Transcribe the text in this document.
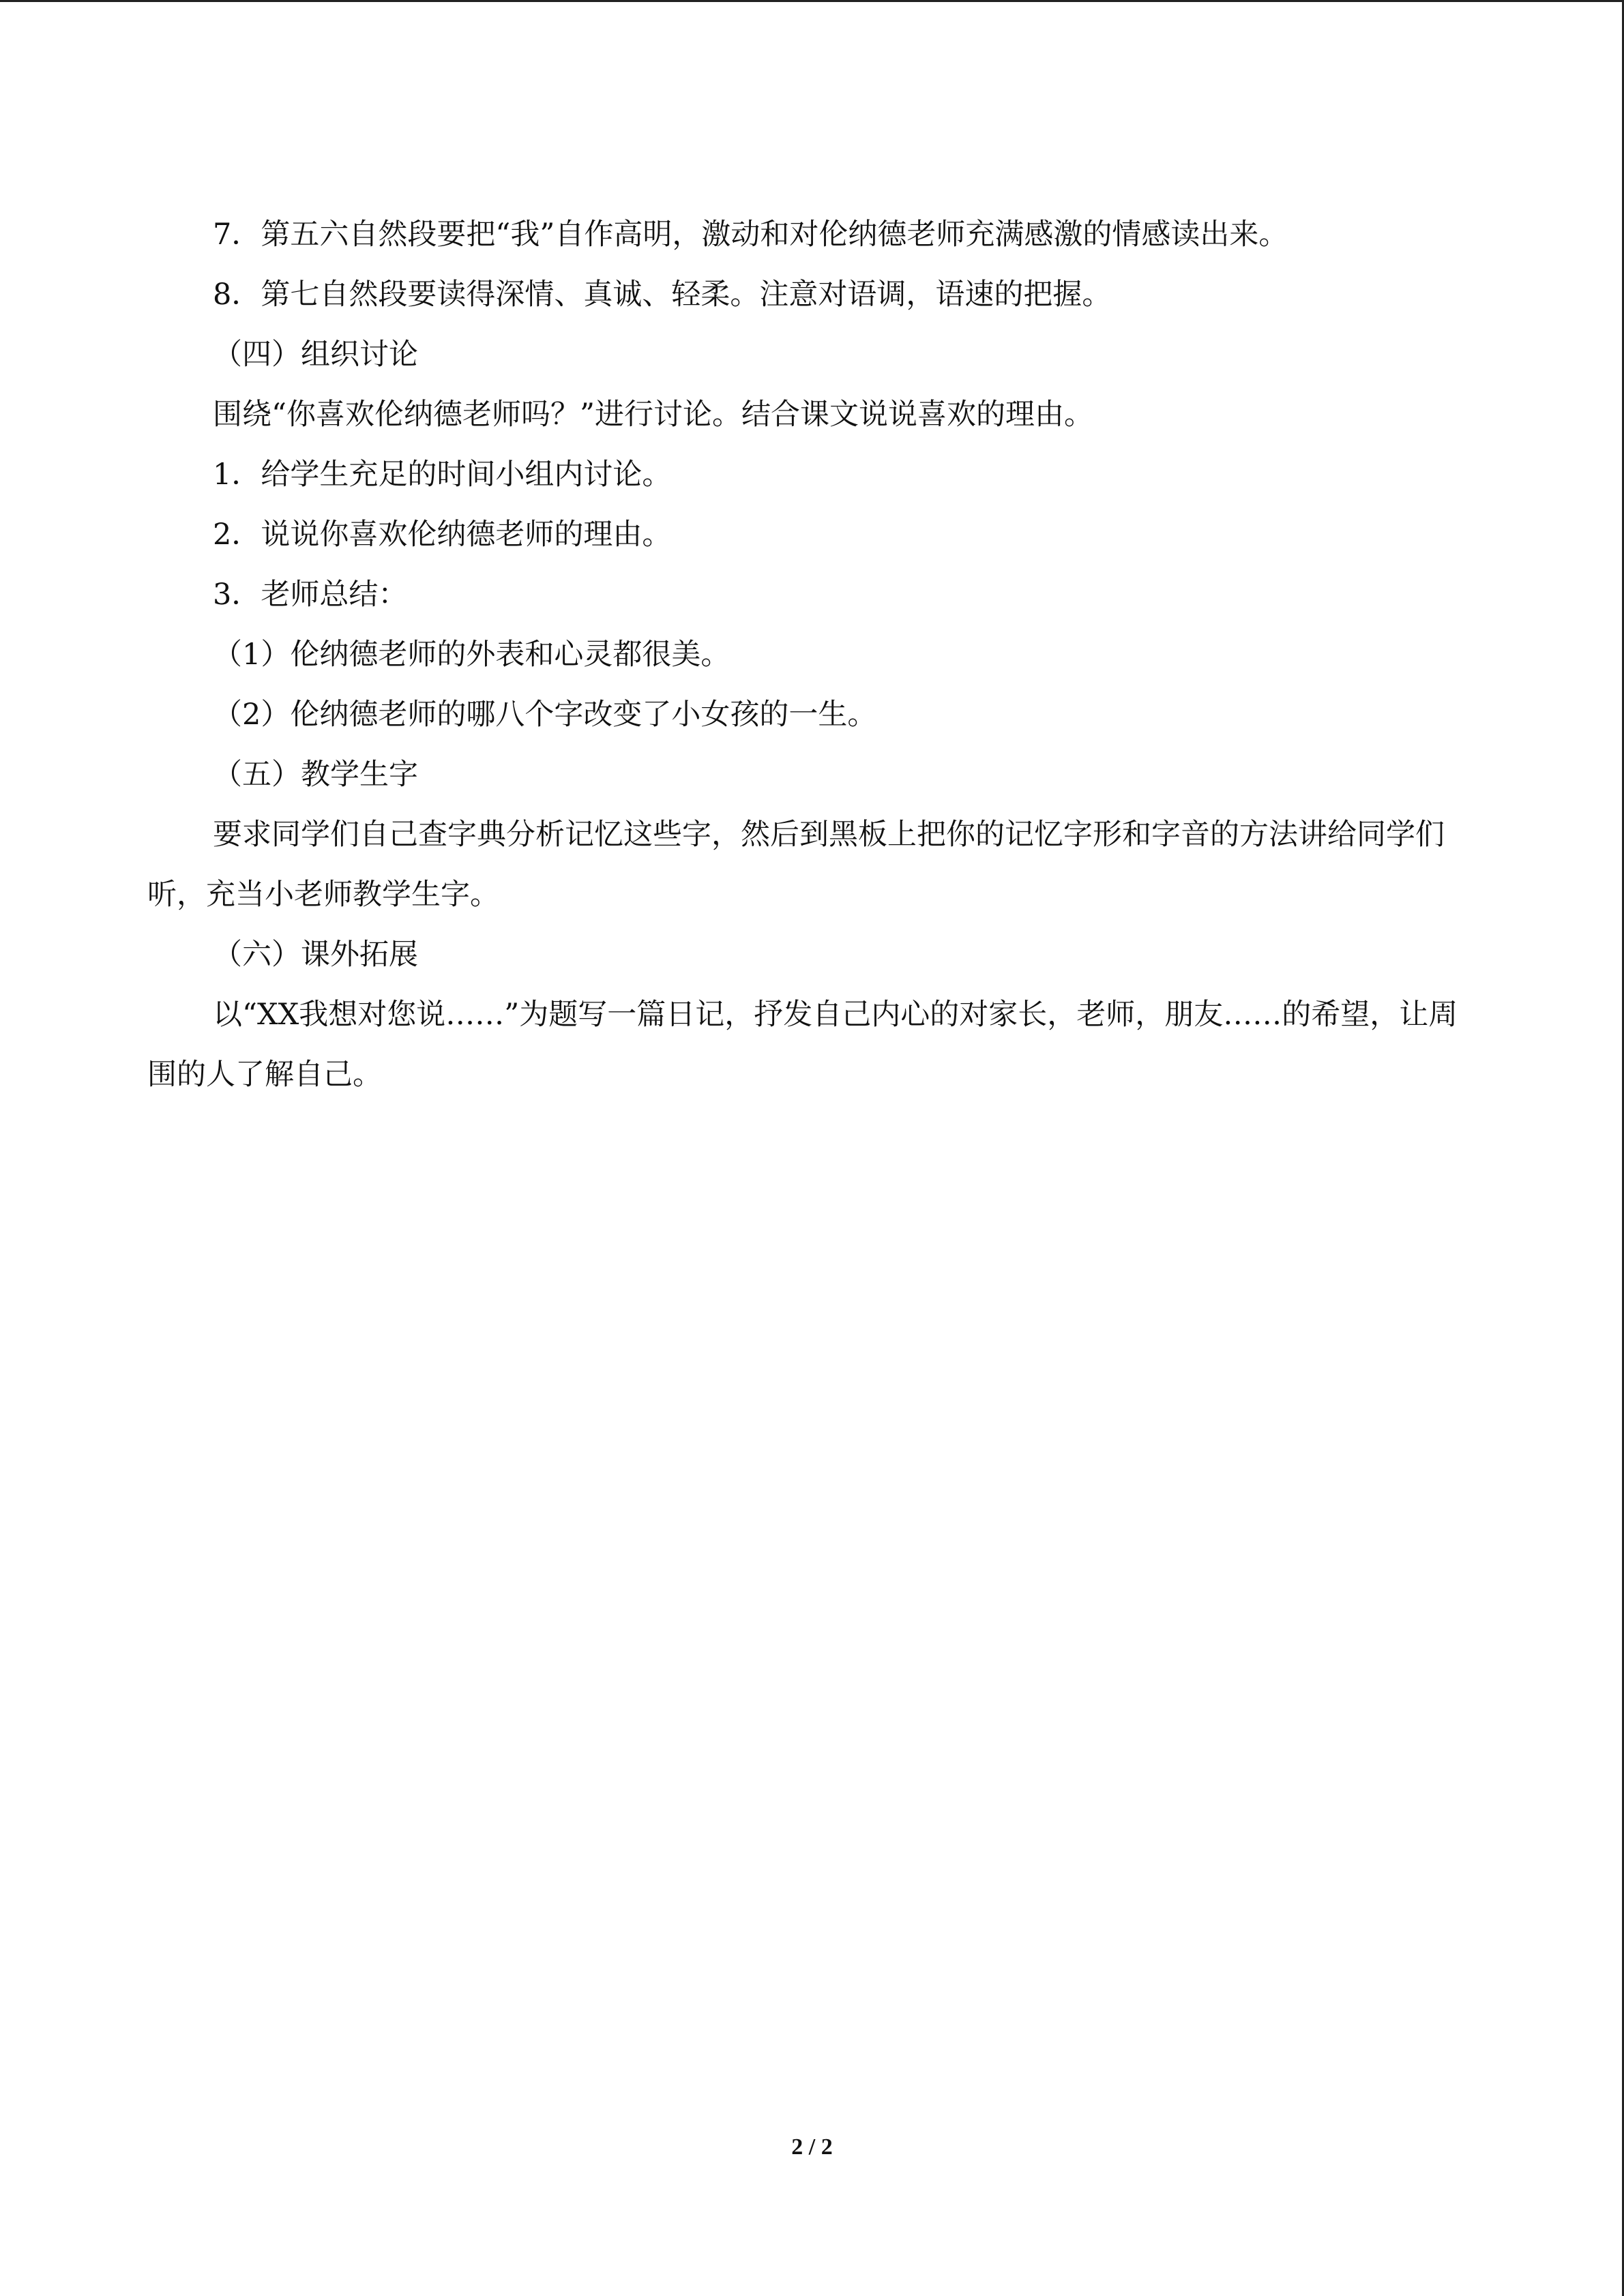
7．第五六自然段要把“我”自作高明，激动和对伦纳德老师充满感激的情感读出来。
8．第七自然段要读得深情、真诚、轻柔。注意对语调，语速的把握。
（四）组织讨论
围绕“你喜欢伦纳德老师吗？”进行讨论。结合课文说说喜欢的理由。
1．给学生充足的时间小组内讨论。
2．说说你喜欢伦纳德老师的理由。
3．老师总结：
（1）伦纳德老师的外表和心灵都很美。
（2）伦纳德老师的哪八个字改变了小女孩的一生。
（五）教学生字
要求同学们自己查字典分析记忆这些字，然后到黑板上把你的记忆字形和字音的方法讲给同学们听，充当小老师教学生字。
（六）课外拓展
以“XX我想对您说……”为题写一篇日记，抒发自己内心的对家长，老师，朋友……的希望，让周围的人了解自己。
2 / 2
